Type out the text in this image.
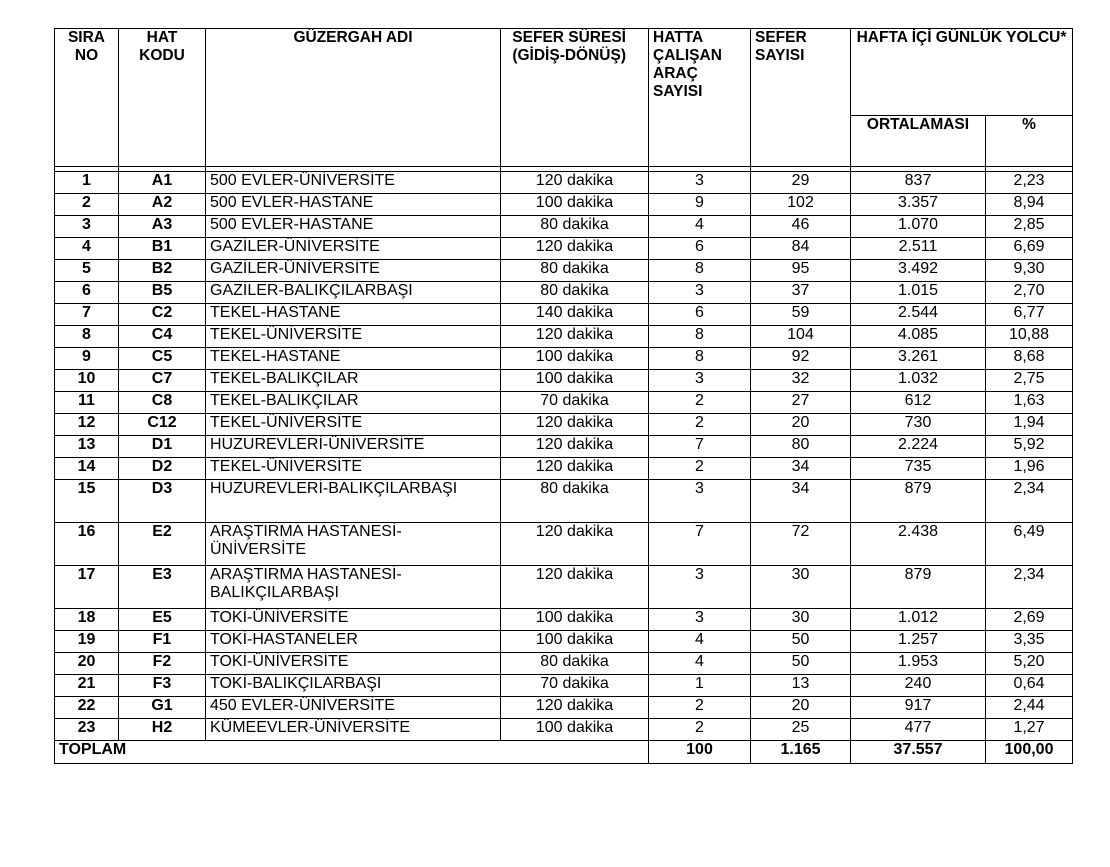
SIRA NO	HAT KODU	GÜZERGAH ADI	SEFER SÜRESİ (GİDİŞ-DÖNÜŞ)	HATTA ÇALIŞAN ARAÇ SAYISI	SEFER SAYISI	HAFTA İÇİ GÜNLÜK YOLCU*	
						ORTALAMASI	%

1	A1	500 EVLER-ÜNİVERSİTE	120 dakika	3	29	837	2,23
2	A2	500 EVLER-HASTANE	100 dakika	9	102	3.357	8,94
3	A3	500 EVLER-HASTANE	80 dakika	4	46	1.070	2,85
4	B1	GAZİLER-ÜNİVERSİTE	120 dakika	6	84	2.511	6,69
5	B2	GAZİLER-ÜNİVERSİTE	80 dakika	8	95	3.492	9,30
6	B5	GAZİLER-BALIKÇILARBAŞI	80 dakika	3	37	1.015	2,70
7	C2	TEKEL-HASTANE	140 dakika	6	59	2.544	6,77
8	C4	TEKEL-ÜNİVERSİTE	120 dakika	8	104	4.085	10,88
9	C5	TEKEL-HASTANE	100 dakika	8	92	3.261	8,68
10	C7	TEKEL-BALIKÇILAR	100 dakika	3	32	1.032	2,75
11	C8	TEKEL-BALIKÇILAR	70 dakika	2	27	612	1,63
12	C12	TEKEL-ÜNİVERSİTE	120 dakika	2	20	730	1,94
13	D1	HUZUREVLERİ-ÜNİVERSİTE	120 dakika	7	80	2.224	5,92
14	D2	TEKEL-ÜNİVERSİTE	120 dakika	2	34	735	1,96
15	D3	HUZUREVLERİ-BALIKÇILARBAŞI	80 dakika	3	34	879	2,34
16	E2	ARAŞTIRMA HASTANESİ-ÜNİVERSİTE	120 dakika	7	72	2.438	6,49
17	E3	ARAŞTIRMA HASTANESİ-BALIKÇILARBAŞI	120 dakika	3	30	879	2,34
18	E5	TOKİ-ÜNİVERSİTE	100 dakika	3	30	1.012	2,69
19	F1	TOKİ-HASTANELER	100 dakika	4	50	1.257	3,35
20	F2	TOKİ-ÜNİVERSİTE	80 dakika	4	50	1.953	5,20
21	F3	TOKİ-BALIKÇILARBAŞI	70 dakika	1	13	240	0,64
22	G1	450 EVLER-ÜNİVERSİTE	120 dakika	2	20	917	2,44
23	H2	KÜMEEVLER-ÜNİVERSİTE	100 dakika	2	25	477	1,27
TOPLAM				100	1.165	37.557	100,00
